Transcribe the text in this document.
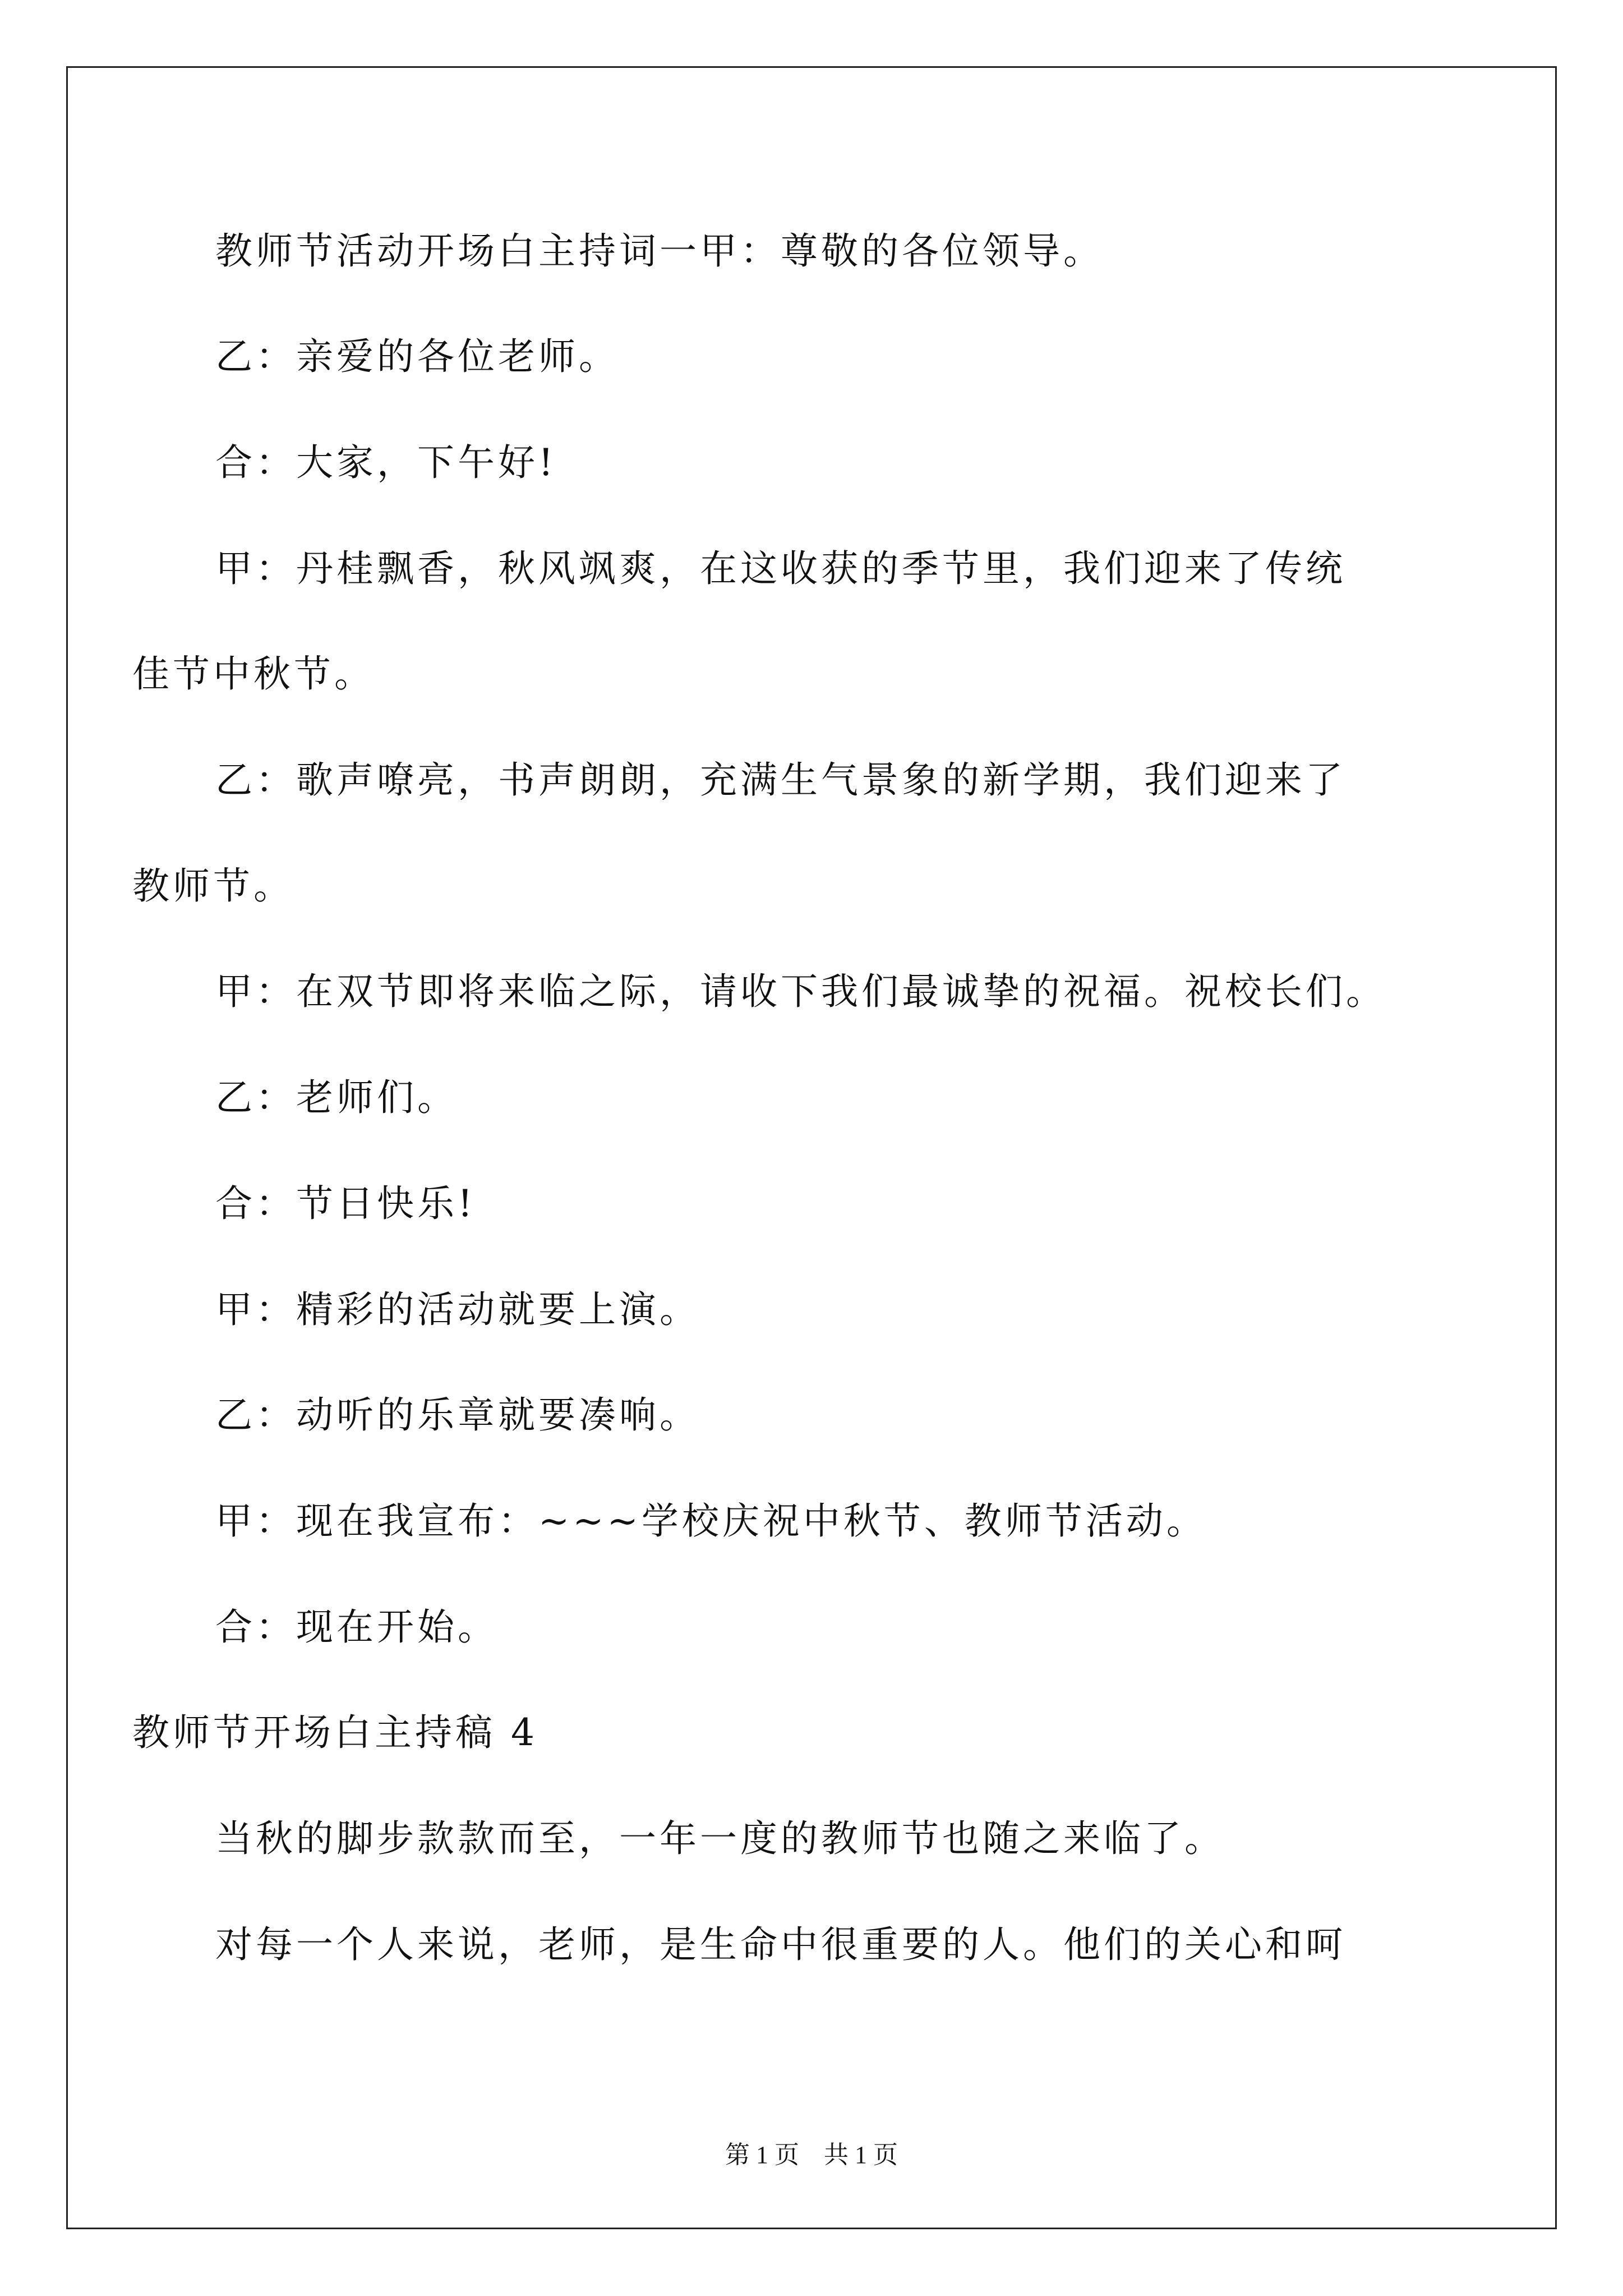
教师节活动开场白主持词一甲：尊敬的各位领导。
乙：亲爱的各位老师。
合：大家，下午好!
甲：丹桂飘香，秋风飒爽，在这收获的季节里，我们迎来了传统
佳节中秋节。
乙：歌声嘹亮，书声朗朗，充满生气景象的新学期，我们迎来了
教师节。
甲：在双节即将来临之际，请收下我们最诚挚的祝福。祝校长们。
乙：老师们。
合：节日快乐!
甲：精彩的活动就要上演。
乙：动听的乐章就要凑响。
甲：现在我宣布：~~~学校庆祝中秋节、教师节活动。
合：现在开始。
教师节开场白主持稿 4
当秋的脚步款款而至，一年一度的教师节也随之来临了。
对每一个人来说，老师，是生命中很重要的人。他们的关心和呵
第 1 页　共 1 页
